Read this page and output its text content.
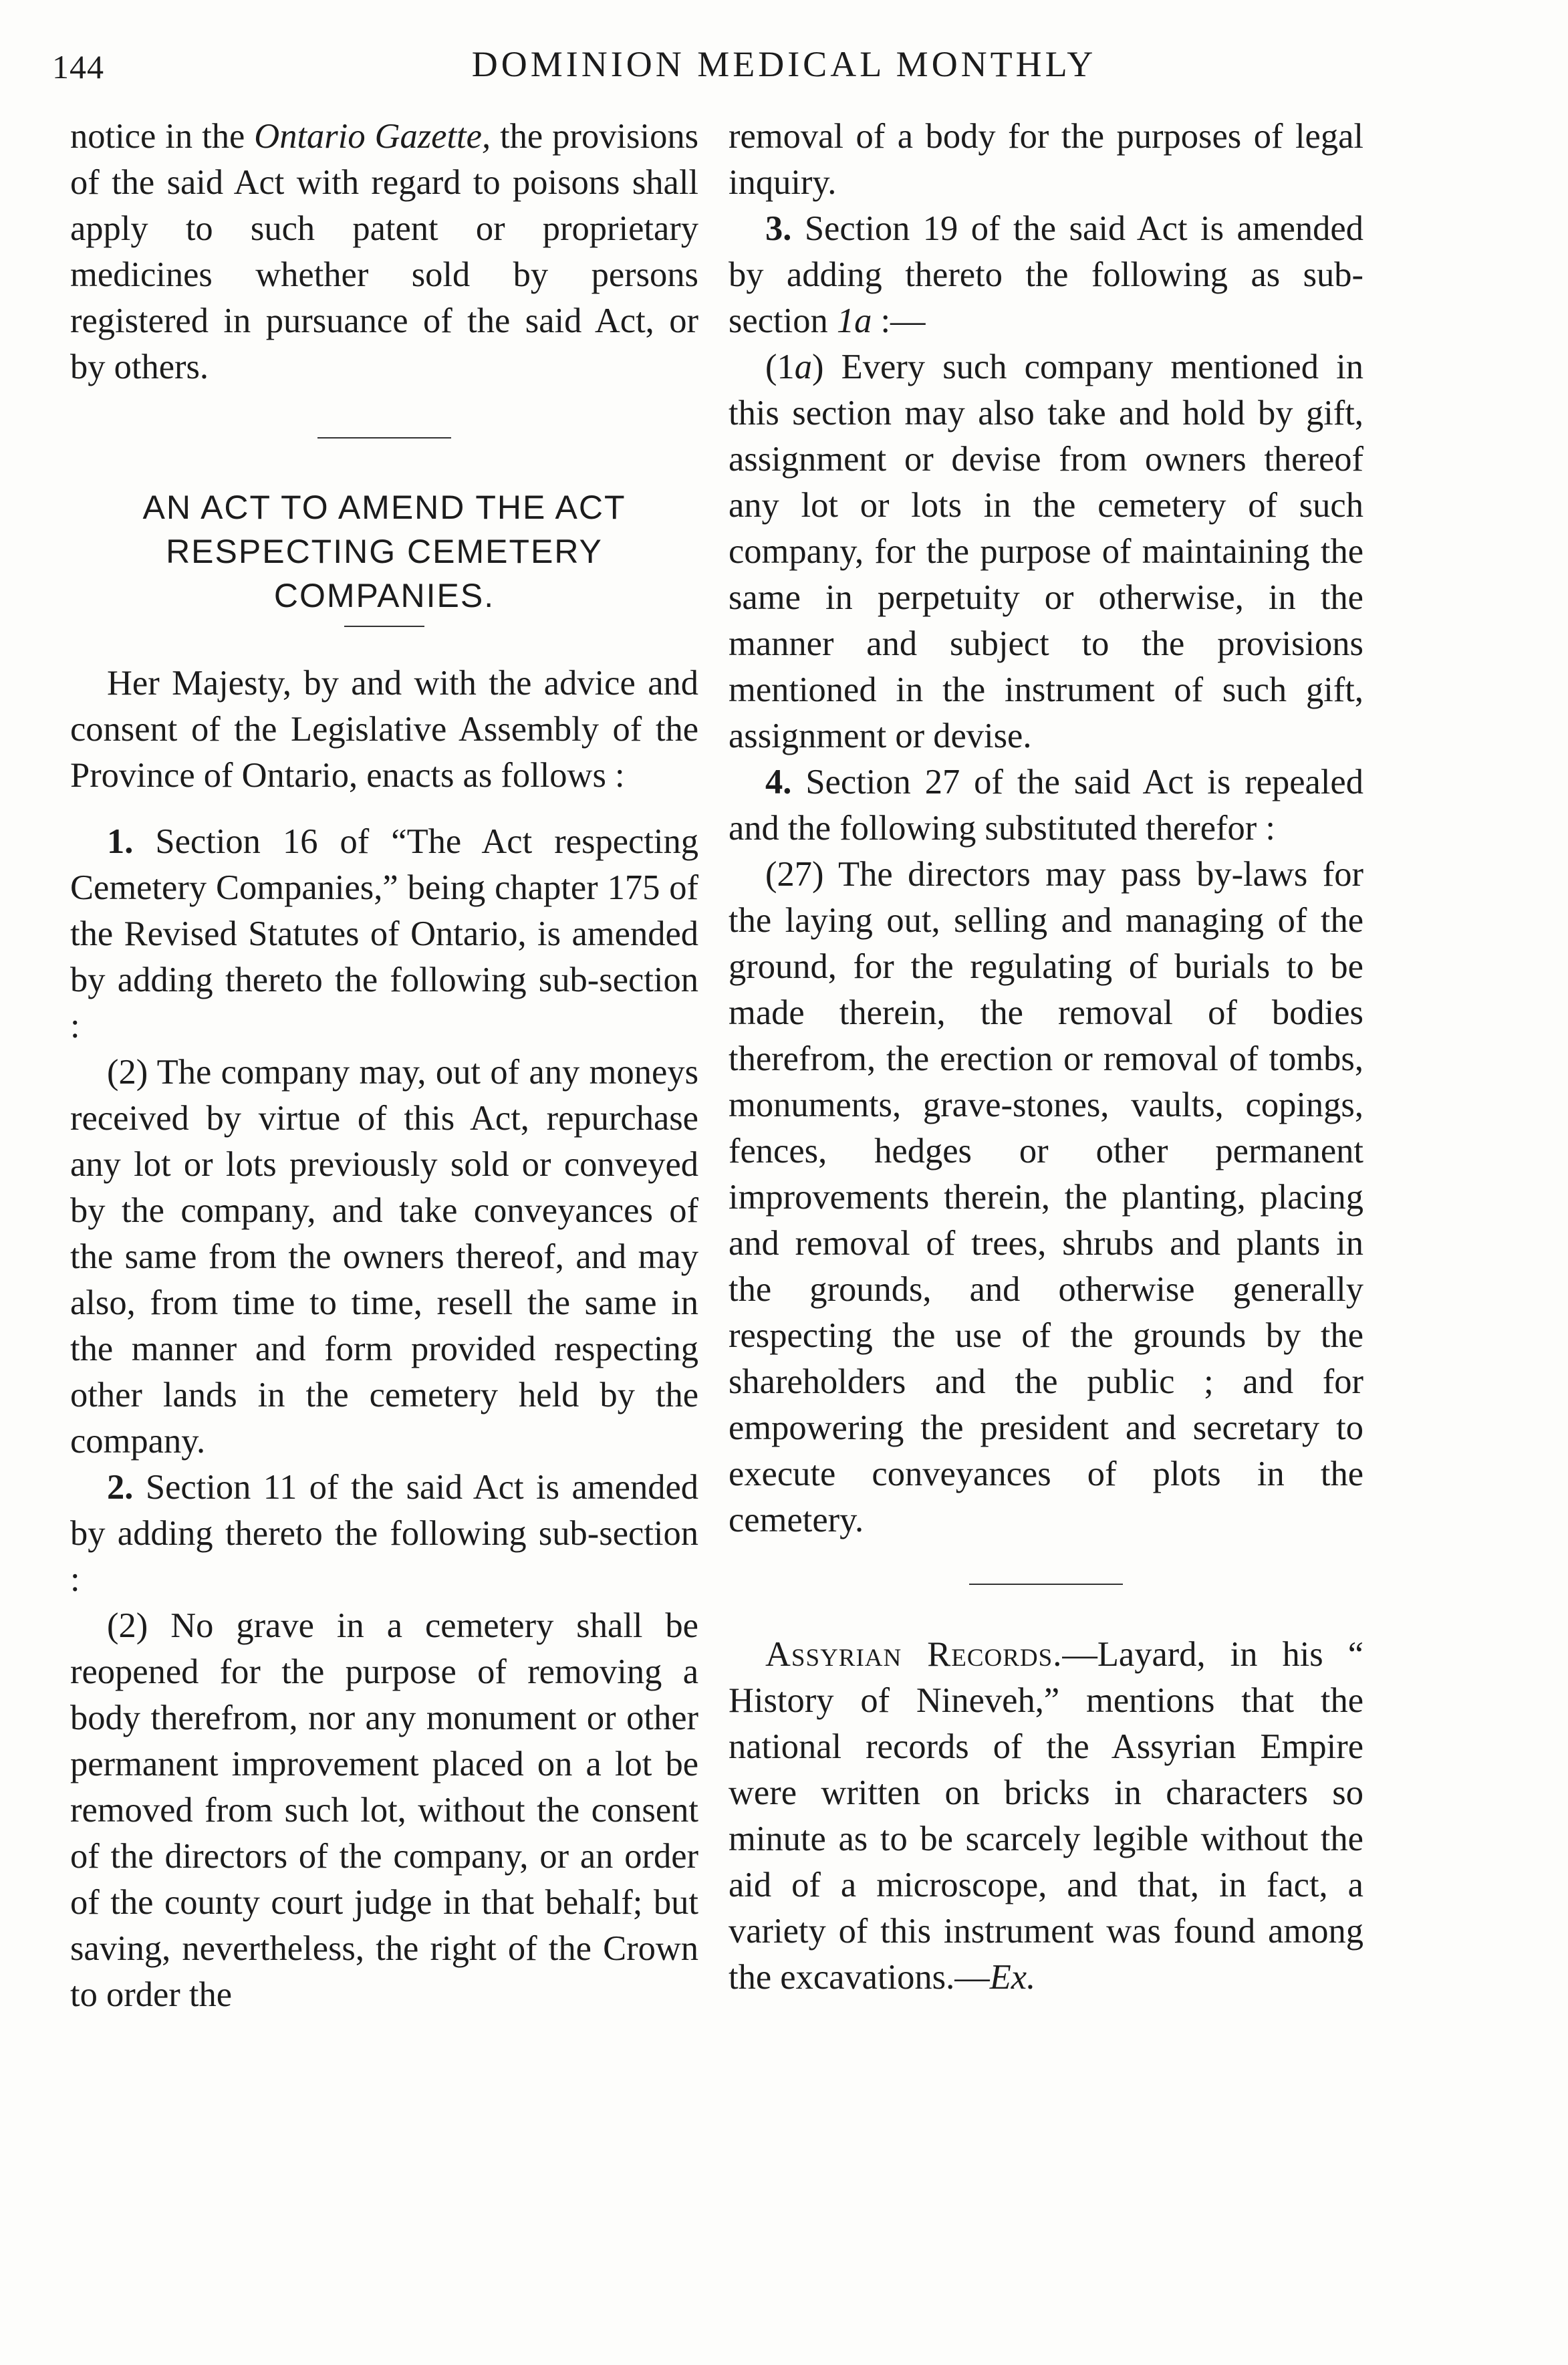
144	DOMINION MEDICAL MONTHLY

notice in the Ontario Gazette, the provisions of the said Act with regard to poisons shall apply to such patent or proprietary medicines whether sold by persons registered in pursuance of the said Act, or by others.

AN ACT TO AMEND THE ACT
RESPECTING CEMETERY
COMPANIES.

Her Majesty, by and with the advice and consent of the Legislative Assembly of the Province of Ontario, enacts as follows :

1. Section 16 of “The Act respecting Cemetery Companies,” being chapter 175 of the Revised Statutes of Ontario, is amended by adding thereto the following sub-section :

(2) The company may, out of any moneys received by virtue of this Act, repurchase any lot or lots previously sold or conveyed by the company, and take conveyances of the same from the owners thereof, and may also, from time to time, resell the same in the manner and form provided respecting other lands in the cemetery held by the company.

2. Section 11 of the said Act is amended by adding thereto the following sub-section :

(2) No grave in a cemetery shall be reopened for the purpose of removing a body therefrom, nor any monument or other permanent improvement placed on a lot be removed from such lot, without the consent of the directors of the company, or an order of the county court judge in that behalf; but saving, nevertheless, the right of the Crown to order the

removal of a body for the purposes of legal inquiry.

3. Section 19 of the said Act is amended by adding thereto the following as sub-section 1a :—

(1a) Every such company mentioned in this section may also take and hold by gift, assignment or devise from owners thereof any lot or lots in the cemetery of such company, for the purpose of maintaining the same in perpetuity or otherwise, in the manner and subject to the provisions mentioned in the instrument of such gift, assignment or devise.

4. Section 27 of the said Act is repealed and the following substituted therefor :

(27) The directors may pass by-laws for the laying out, selling and managing of the ground, for the regulating of burials to be made therein, the removal of bodies therefrom, the erection or removal of tombs, monuments, grave-stones, vaults, copings, fences, hedges or other permanent improvements therein, the planting, placing and removal of trees, shrubs and plants in the grounds, and otherwise generally respecting the use of the grounds by the shareholders and the public ; and for empowering the president and secretary to execute conveyances of plots in the cemetery.

Assyrian Records.—Layard, in his “ History of Nineveh,” mentions that the national records of the Assyrian Empire were written on bricks in characters so minute as to be scarcely legible without the aid of a microscope, and that, in fact, a variety of this instrument was found among the excavations.—Ex.
